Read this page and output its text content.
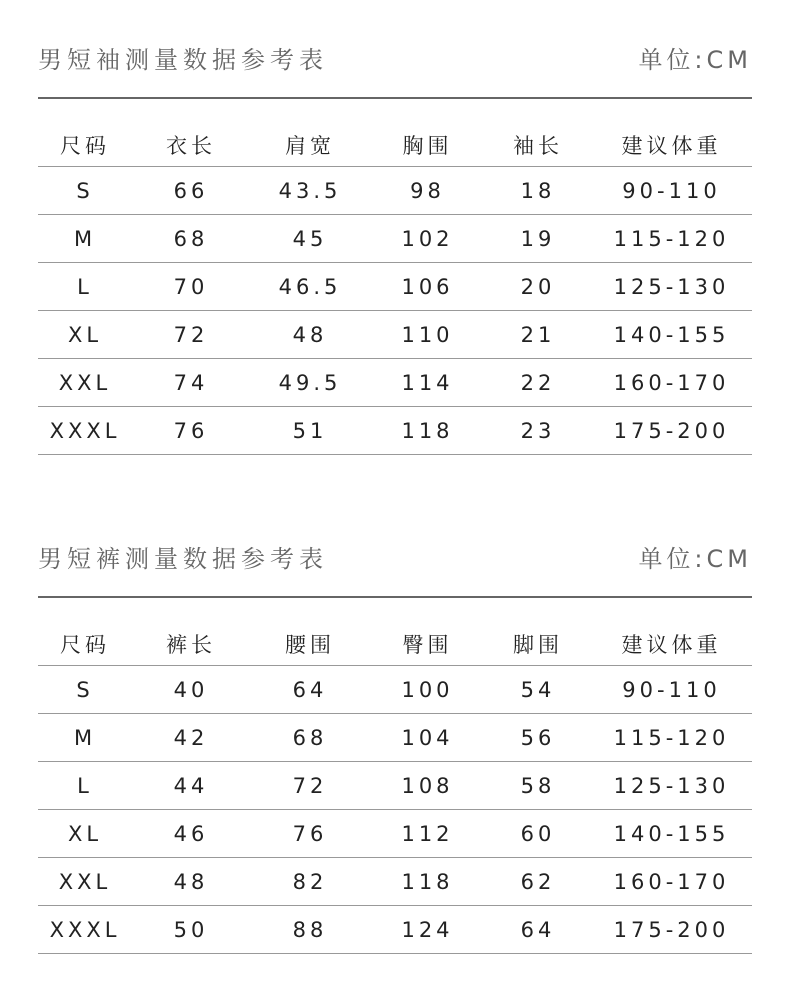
男短袖测量数据参考表	单位:CM
尺码	衣长	肩宽	胸围	袖长	建议体重
S	66	43.5	98	18	90-110
M	68	45	102	19	115-120
L	70	46.5	106	20	125-130
XL	72	48	110	21	140-155
XXL	74	49.5	114	22	160-170
XXXL	76	51	118	23	175-200
男短裤测量数据参考表	单位:CM
尺码	裤长	腰围	臀围	脚围	建议体重
S	40	64	100	54	90-110
M	42	68	104	56	115-120
L	44	72	108	58	125-130
XL	46	76	112	60	140-155
XXL	48	82	118	62	160-170
XXXL	50	88	124	64	175-200
